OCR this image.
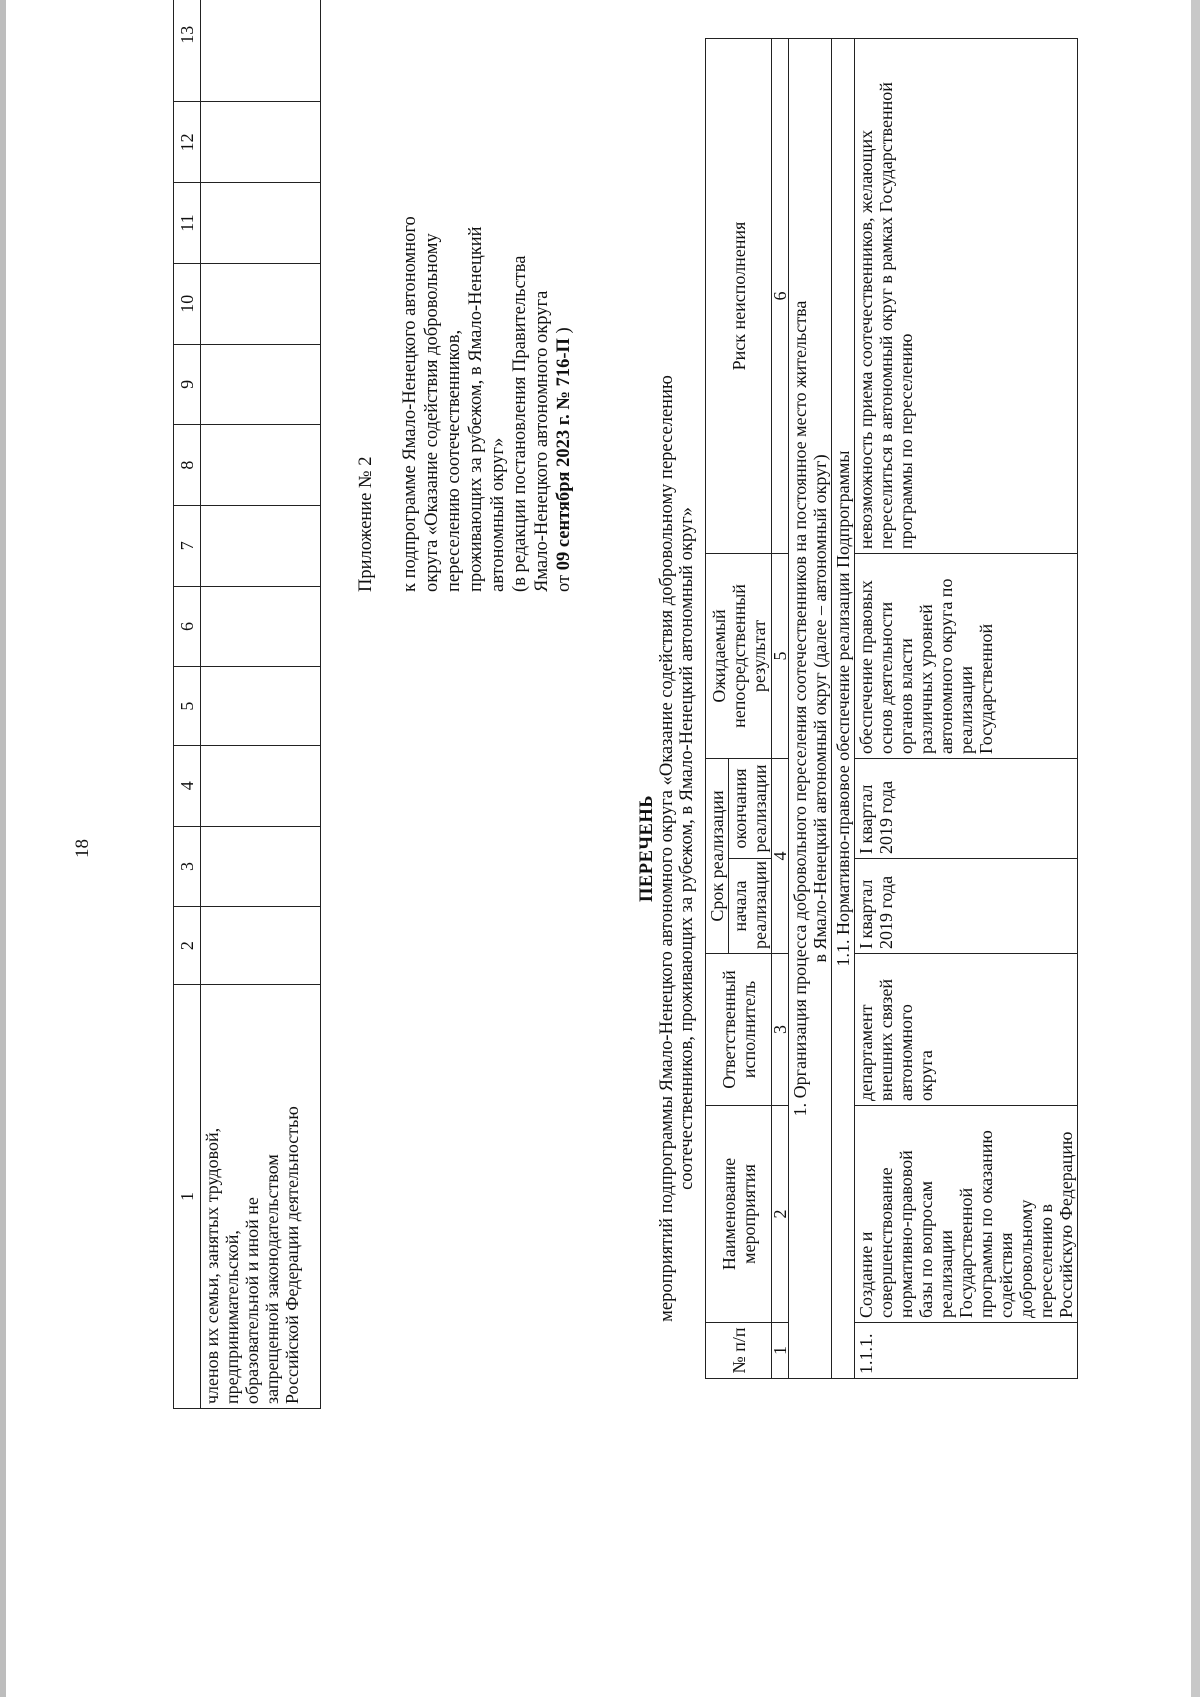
18
1	2	3	4	5	6	7	8	9	10	11	12	13

членов их семьи, занятых трудовой, предпринимательской, образовательной и иной не запрещенной законодательством Российской Федерации деятельностью												

Приложение № 2 к подпрограмме Ямало-Ненецкого автономного округа «Оказание содействия добровольному переселению соотечественников, проживающих за рубежом, в Ямало-Ненецкий автономный округ» (в редакции постановления Правительства Ямало-Ненецкого автономного округа от 09 сентября 2023 г. № 716-П )

ПЕРЕЧЕНЬ мероприятий подпрограммы Ямало-Ненецкого автономного округа «Оказание содействия добровольному переселению соотечественников, проживающих за рубежом, в Ямало-Ненецкий автономный округ»
№ п/п	Наименование мероприятия	Ответственный исполнитель	Срок реализации		Ожидаемый непосредственный результат	Риск неисполнения
			начала реализации	окончания реализации		
1	2	3	4		5	6

1. Организация процесса добровольного переселения соотечественников на постоянное место жительства в Ямало-Ненецкий автономный округ (далее – автономный округ)						

1.1. Нормативно-правовое обеспечение реализации Подпрограммы						
1.1.1.	Создание и совершенствование нормативно-правовой базы по вопросам реализации Государственной программы по оказанию содействия добровольному переселению в Российскую Федерацию	департамент внешних связей автономного округа	I квартал 2019 года	I квартал 2019 года	обеспечение правовых основ деятельности органов власти различных уровней автономного округа по реализации Государственной	невозможность приема соотечественников, желающих переселиться в автономный округ в рамках Государственной программы по переселению
